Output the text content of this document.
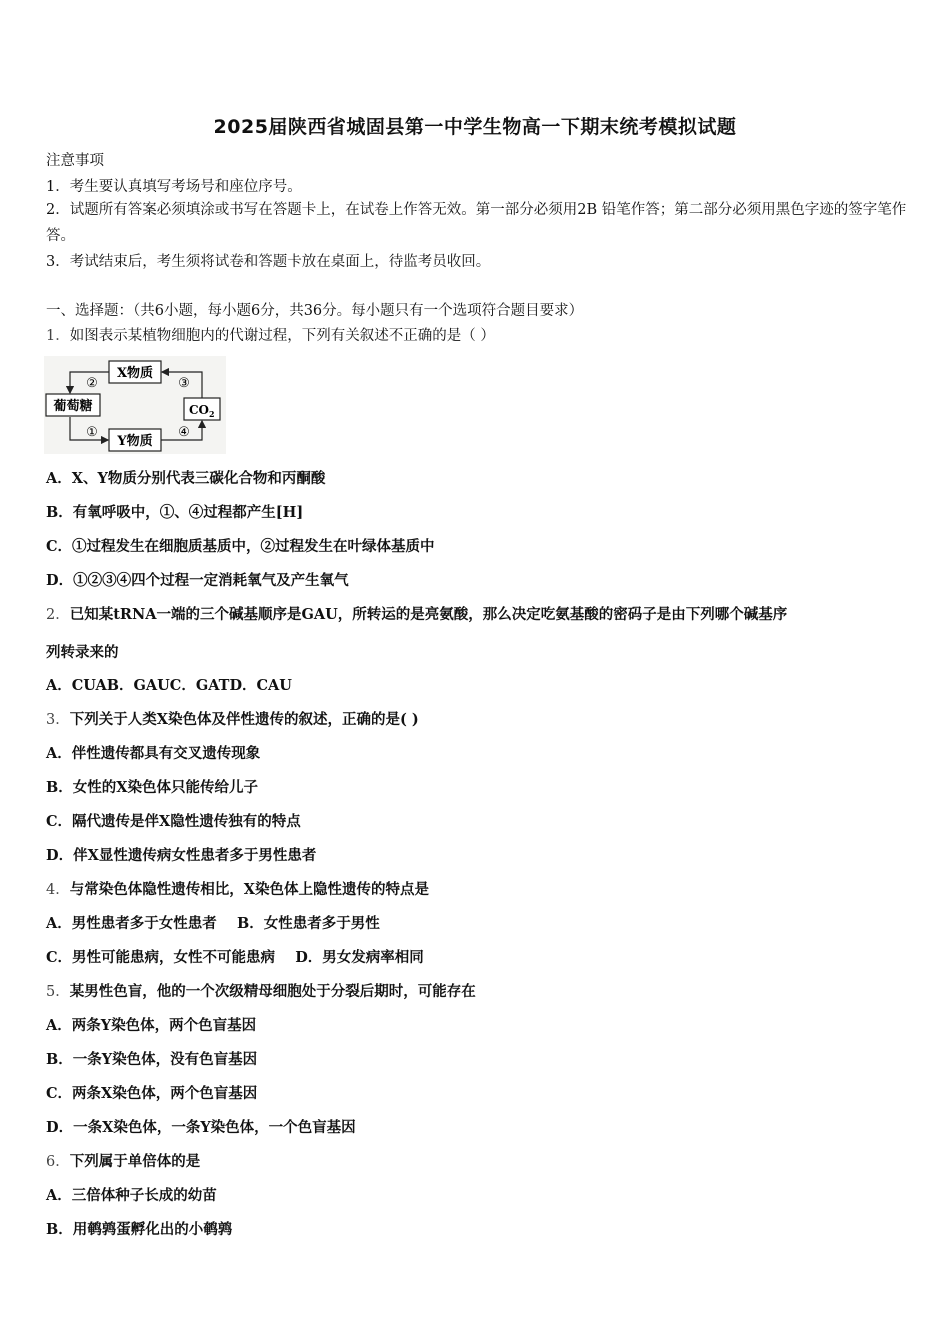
2025届陕西省城固县第一中学生物高一下期末统考模拟试题
注意事项
1．考生要认真填写考场号和座位序号。
2．试题所有答案必须填涂或书写在答题卡上，在试卷上作答无效。第一部分必须用2B 铅笔作答；第二部分必须用黑色字迹的签字笔作答。
3．考试结束后，考生须将试卷和答题卡放在桌面上，待监考员收回。
一、选择题：（共6小题，每小题6分，共36分。每小题只有一个选项符合题目要求）
1．如图表示某植物细胞内的代谢过程，下列有关叙述不正确的是（ ）
X物质
葡萄糖	$CO_2$
Y物质
②	③
①	④
A．X、Y物质分别代表三碳化合物和丙酮酸
B．有氧呼吸中，①、④过程都产生[H]
C．①过程发生在细胞质基质中，②过程发生在叶绿体基质中
D．①②③④四个过程一定消耗氧气及产生氧气
2．已知某tRNA一端的三个碱基顺序是GAU，所转运的是亮氨酸，那么决定吃氨基酸的密码子是由下列哪个碱基序
列转录来的
A．CUAB．GAUC．GATD．CAU
3．下列关于人类X染色体及伴性遗传的叙述，正确的是( )
A．伴性遗传都具有交叉遗传现象
B．女性的X染色体只能传给儿子
C．隔代遗传是伴X隐性遗传独有的特点
D．伴X显性遗传病女性患者多于男性患者
4．与常染色体隐性遗传相比，X染色体上隐性遗传的特点是
A．男性患者多于女性患者    B．女性患者多于男性
C．男性可能患病，女性不可能患病    D．男女发病率相同
5．某男性色盲，他的一个次级精母细胞处于分裂后期时，可能存在
A．两条Y染色体，两个色盲基因
B．一条Y染色体，没有色盲基因
C．两条X染色体，两个色盲基因
D．一条X染色体，一条Y染色体，一个色盲基因
6．下列属于单倍体的是
A．三倍体种子长成的幼苗
B．用鹌鹑蛋孵化出的小鹌鹑
